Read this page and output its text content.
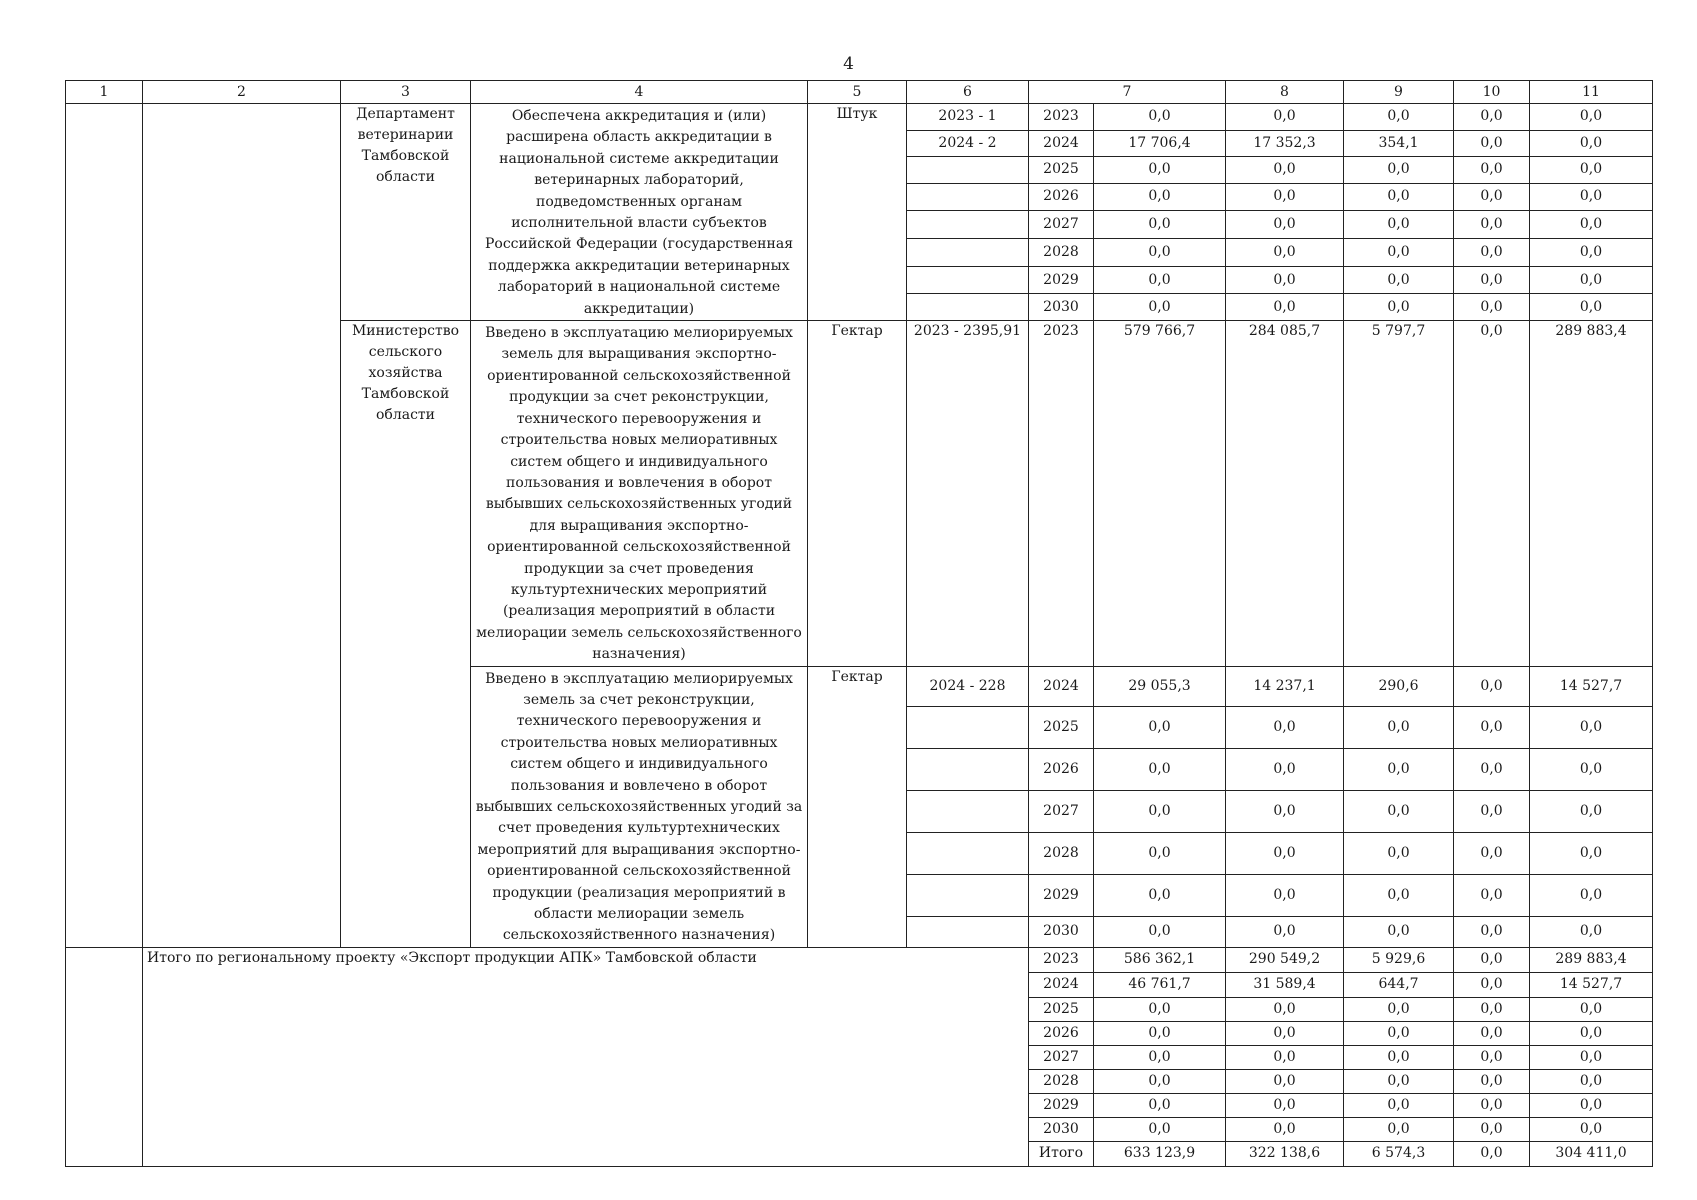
4
1	2	3	4	5	6	7		8	9	10	11
		Департамент ветеринарии Тамбовской области	Обеспечена аккредитация и (или) расширена область аккредитации в национальной системе аккредитации ветеринарных лабораторий, подведомственных органам исполнительной власти субъектов Российской Федерации (государственная поддержка аккредитации ветеринарных лабораторий в национальной системе аккредитации)	Штук	2023 - 1	2023	0,0	0,0	0,0	0,0	0,0
					2024 - 2	2024	17 706,4	17 352,3	354,1	0,0	0,0
						2025	0,0	0,0	0,0	0,0	0,0
						2026	0,0	0,0	0,0	0,0	0,0
						2027	0,0	0,0	0,0	0,0	0,0
						2028	0,0	0,0	0,0	0,0	0,0
						2029	0,0	0,0	0,0	0,0	0,0
						2030	0,0	0,0	0,0	0,0	0,0
		Министерство сельского хозяйства Тамбовской области	Введено в эксплуатацию мелиорируемых земель для выращивания экспортно-ориентированной сельскохозяйственной продукции за счет реконструкции, технического перевооружения и строительства новых мелиоративных систем общего и индивидуального пользования и вовлечения в оборот выбывших сельскохозяйственных угодий для выращивания экспортно-ориентированной сельскохозяйственной продукции за счет проведения культуртехнических мероприятий (реализация мероприятий в области мелиорации земель сельскохозяйственного назначения)	Гектар	2023 - 2395,91	2023	579 766,7	284 085,7	5 797,7	0,0	289 883,4
			Введено в эксплуатацию мелиорируемых земель за счет реконструкции, технического перевооружения и строительства новых мелиоративных систем общего и индивидуального пользования и вовлечено в оборот выбывших сельскохозяйственных угодий за счет проведения культуртехнических мероприятий для выращивания экспортно-ориентированной сельскохозяйственной продукции (реализация мероприятий в области мелиорации земель сельскохозяйственного назначения)	Гектар	2024 - 228	2024	29 055,3	14 237,1	290,6	0,0	14 527,7
						2025	0,0	0,0	0,0	0,0	0,0
						2026	0,0	0,0	0,0	0,0	0,0
						2027	0,0	0,0	0,0	0,0	0,0
						2028	0,0	0,0	0,0	0,0	0,0
						2029	0,0	0,0	0,0	0,0	0,0
						2030	0,0	0,0	0,0	0,0	0,0
	Итого по региональному проекту «Экспорт продукции АПК» Тамбовской области					2023	586 362,1	290 549,2	5 929,6	0,0	289 883,4
						2024	46 761,7	31 589,4	644,7	0,0	14 527,7
						2025	0,0	0,0	0,0	0,0	0,0
						2026	0,0	0,0	0,0	0,0	0,0
						2027	0,0	0,0	0,0	0,0	0,0
						2028	0,0	0,0	0,0	0,0	0,0
						2029	0,0	0,0	0,0	0,0	0,0
						2030	0,0	0,0	0,0	0,0	0,0
						Итого	633 123,9	322 138,6	6 574,3	0,0	304 411,0
